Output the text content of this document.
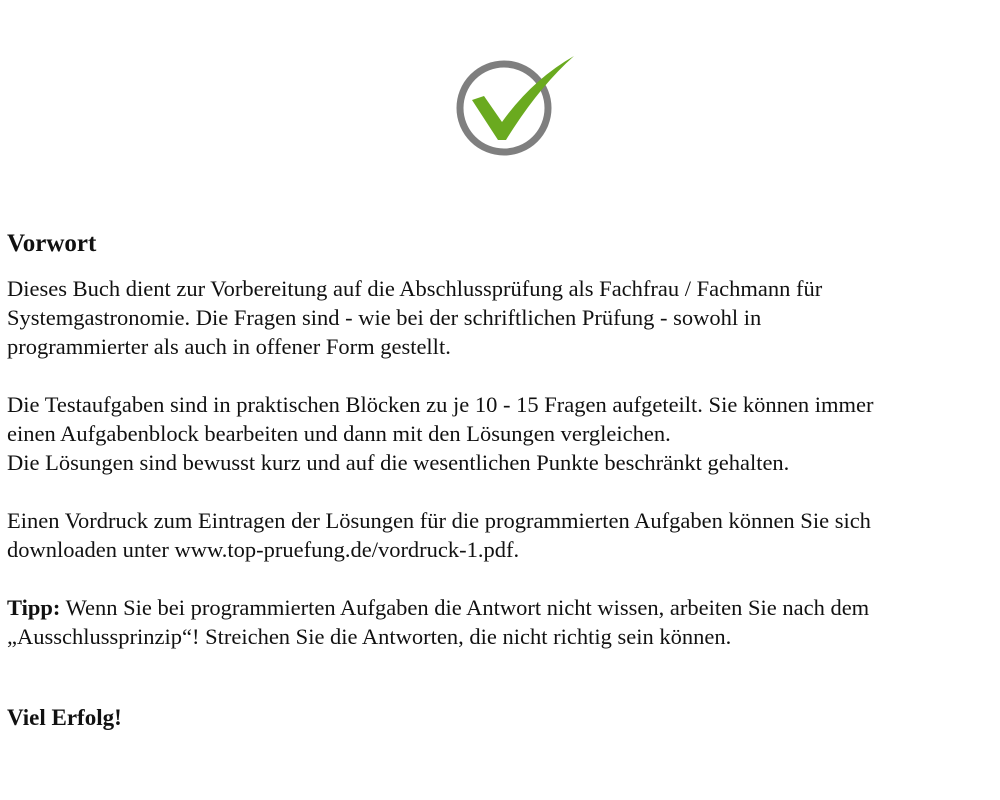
Vorwort

Dieses Buch dient zur Vorbereitung auf die Abschlussprüfung als Fachfrau / Fachmann für
Systemgastronomie. Die Fragen sind - wie bei der schriftlichen Prüfung - sowohl in
programmierter als auch in offener Form gestellt.

Die Testaufgaben sind in praktischen Blöcken zu je 10 - 15 Fragen aufgeteilt. Sie können immer
einen Aufgabenblock bearbeiten und dann mit den Lösungen vergleichen.
Die Lösungen sind bewusst kurz und auf die wesentlichen Punkte beschränkt gehalten.

Einen Vordruck zum Eintragen der Lösungen für die programmierten Aufgaben können Sie sich
downloaden unter www.top-pruefung.de/vordruck-1.pdf.

Tipp: Wenn Sie bei programmierten Aufgaben die Antwort nicht wissen, arbeiten Sie nach dem
„Ausschlussprinzip“! Streichen Sie die Antworten, die nicht richtig sein können.

Viel Erfolg!
